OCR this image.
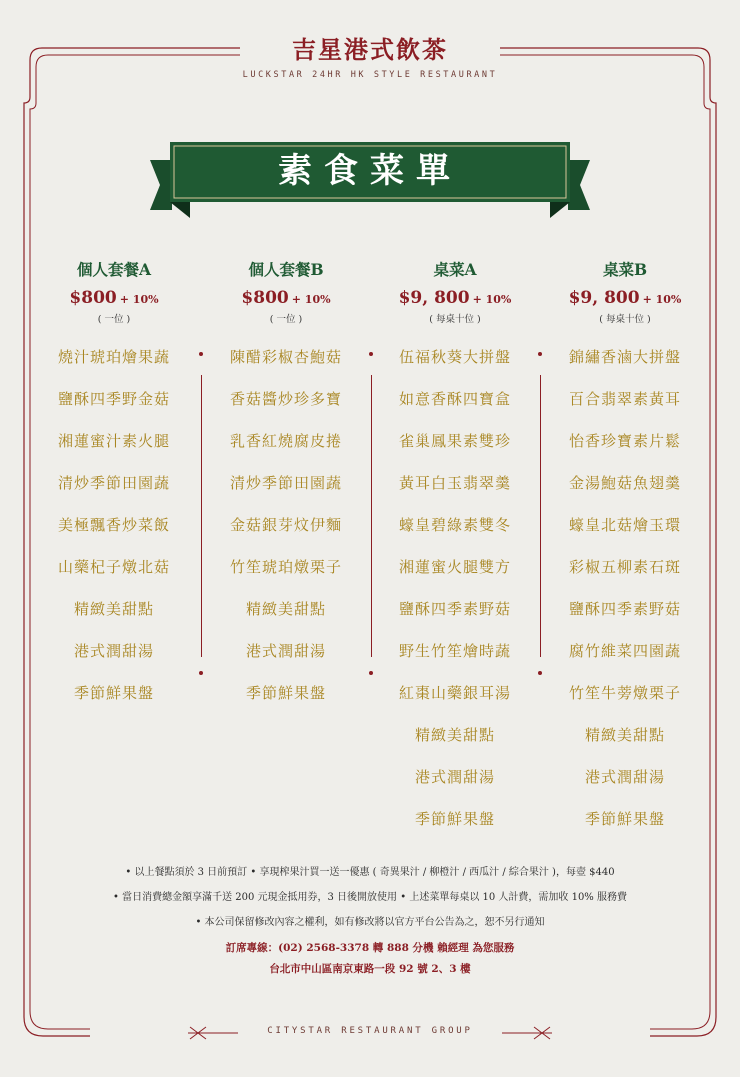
吉星港式飲茶
LUCKSTAR 24HR HK STYLE RESTAURANT
素食菜單
個人套餐A
$800 + 10%
( 一位 )
燒汁琥珀燴果蔬
鹽酥四季野金菇
湘蓮蜜汁素火腿
清炒季節田園蔬
美極飄香炒菜飯
山藥杞子燉北菇
精緻美甜點
港式潤甜湯
季節鮮果盤
個人套餐B
$800 + 10%
( 一位 )
陳醋彩椒杏鮑菇
香菇醬炒珍多寶
乳香紅燒腐皮捲
清炒季節田園蔬
金菇銀芽炆伊麵
竹笙琥珀燉栗子
精緻美甜點
港式潤甜湯
季節鮮果盤
桌菜A
$9, 800 + 10%
( 每桌十位 )
伍福秋葵大拼盤
如意香酥四寶盒
雀巢鳳果素雙珍
黃耳白玉翡翠羹
蠔皇碧綠素雙冬
湘蓮蜜火腿雙方
鹽酥四季素野菇
野生竹笙燴時蔬
紅棗山藥銀耳湯
精緻美甜點
港式潤甜湯
季節鮮果盤
桌菜B
$9, 800 + 10%
( 每桌十位 )
錦繡香滷大拼盤
百合翡翠素黃耳
怡香珍寶素片鬆
金湯鮑菇魚翅羹
蠔皇北菇燴玉環
彩椒五柳素石斑
鹽酥四季素野菇
腐竹維菜四園蔬
竹笙牛蒡燉栗子
精緻美甜點
港式潤甜湯
季節鮮果盤
• 以上餐點須於 3 日前預訂 • 享現榨果汁買一送一優惠 ( 奇異果汁 / 柳橙汁 / 西瓜汁 / 綜合果汁 )，每壺 $440
• 當日消費總金額享滿千送 200 元現金抵用券，3 日後開放使用 • 上述菜單每桌以 10 人計費，需加收 10% 服務費
• 本公司保留修改內容之權利，如有修改將以官方平台公告為之，恕不另行通知
訂席專線：(02) 2568-3378 轉 888 分機 賴經理 為您服務
台北市中山區南京東路一段 92 號 2、3 樓
CITYSTAR RESTAURANT GROUP
